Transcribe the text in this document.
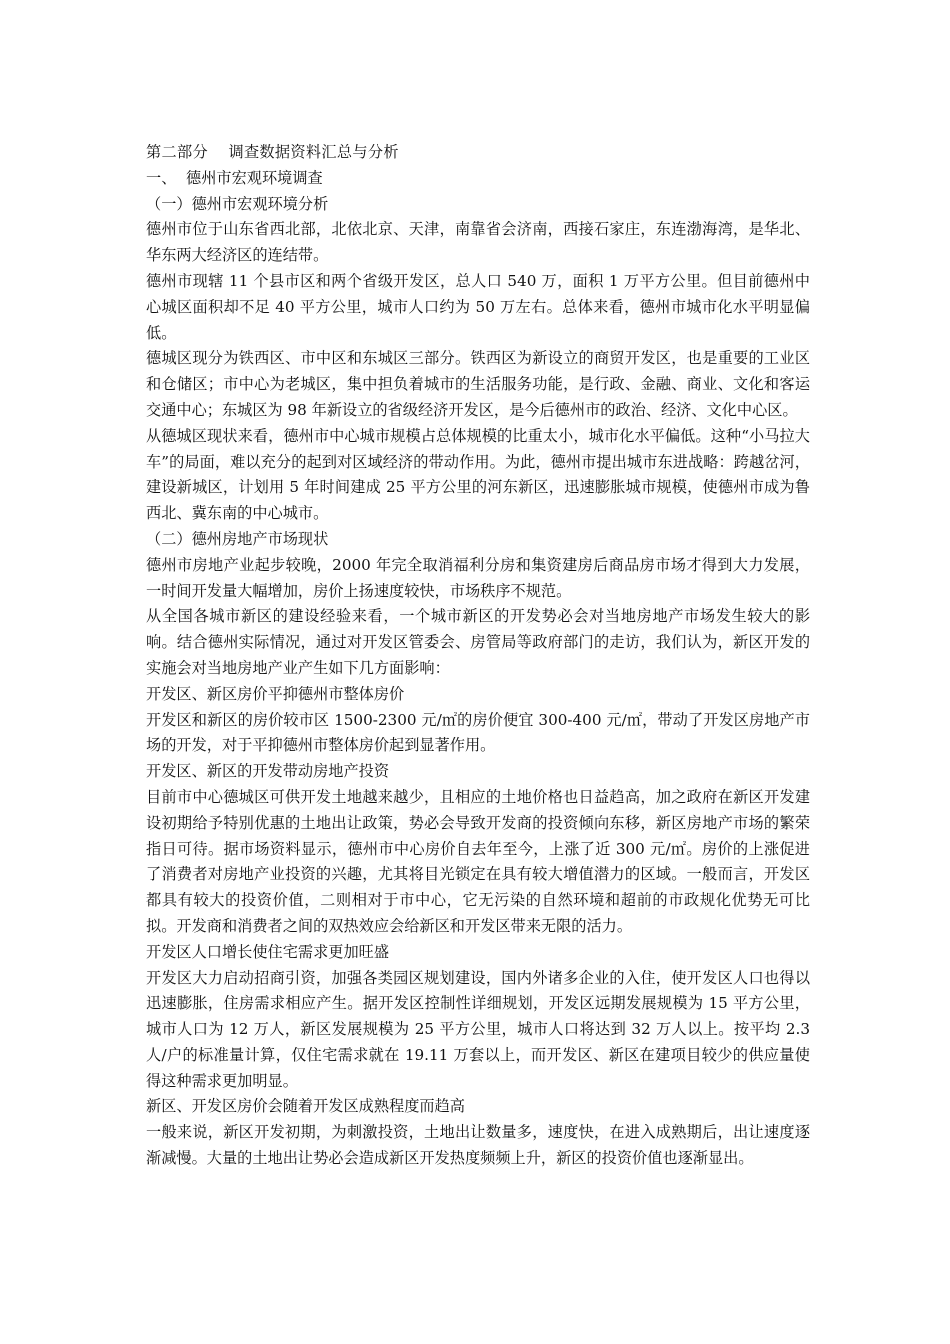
第二部分    调查数据资料汇总与分析
一、  德州市宏观环境调查
（一）德州市宏观环境分析

德州市位于山东省西北部，北依北京、天津，南靠省会济南，西接石家庄，东连渤海湾，是华北、华东两大经济区的连结带。

德州市现辖 11 个县市区和两个省级开发区，总人口 540 万，面积 1 万平方公里。但目前德州中心城区面积却不足 40 平方公里，城市人口约为 50 万左右。总体来看，德州市城市化水平明显偏低。

德城区现分为铁西区、市中区和东城区三部分。铁西区为新设立的商贸开发区，也是重要的工业区和仓储区；市中心为老城区，集中担负着城市的生活服务功能，是行政、金融、商业、文化和客运交通中心；东城区为 98 年新设立的省级经济开发区，是今后德州市的政治、经济、文化中心区。

从德城区现状来看，德州市中心城市规模占总体规模的比重太小，城市化水平偏低。这种“小马拉大车”的局面，难以充分的起到对区域经济的带动作用。为此，德州市提出城市东进战略：跨越岔河，建设新城区，计划用 5 年时间建成 25 平方公里的河东新区，迅速膨胀城市规模，使德州市成为鲁西北、冀东南的中心城市。

（二）德州房地产市场现状

德州市房地产业起步较晚，2000 年完全取消福利分房和集资建房后商品房市场才得到大力发展，一时间开发量大幅增加，房价上扬速度较快，市场秩序不规范。

从全国各城市新区的建设经验来看，一个城市新区的开发势必会对当地房地产市场发生较大的影响。结合德州实际情况，通过对开发区管委会、房管局等政府部门的走访，我们认为，新区开发的实施会对当地房地产业产生如下几方面影响：

开发区、新区房价平抑德州市整体房价

开发区和新区的房价较市区 1500-2300 元/㎡的房价便宜 300-400 元/㎡，带动了开发区房地产市场的开发，对于平抑德州市整体房价起到显著作用。

开发区、新区的开发带动房地产投资

目前市中心德城区可供开发土地越来越少，且相应的土地价格也日益趋高，加之政府在新区开发建设初期给予特别优惠的土地出让政策，势必会导致开发商的投资倾向东移，新区房地产市场的繁荣指日可待。据市场资料显示，德州市中心房价自去年至今，上涨了近 300 元/㎡。房价的上涨促进了消费者对房地产业投资的兴趣，尤其将目光锁定在具有较大增值潜力的区域。一般而言，开发区都具有较大的投资价值，二则相对于市中心，它无污染的自然环境和超前的市政规化优势无可比拟。开发商和消费者之间的双热效应会给新区和开发区带来无限的活力。

开发区人口增长使住宅需求更加旺盛

开发区大力启动招商引资，加强各类园区规划建设，国内外诸多企业的入住，使开发区人口也得以迅速膨胀，住房需求相应产生。据开发区控制性详细规划，开发区远期发展规模为 15 平方公里，城市人口为 12 万人，新区发展规模为 25 平方公里，城市人口将达到 32 万人以上。按平均 2.3 人/户的标准量计算，仅住宅需求就在 19.11 万套以上，而开发区、新区在建项目较少的供应量使得这种需求更加明显。

新区、开发区房价会随着开发区成熟程度而趋高

一般来说，新区开发初期，为刺激投资，土地出让数量多，速度快，在进入成熟期后，出让速度逐渐减慢。大量的土地出让势必会造成新区开发热度频频上升，新区的投资价值也逐渐显出。
